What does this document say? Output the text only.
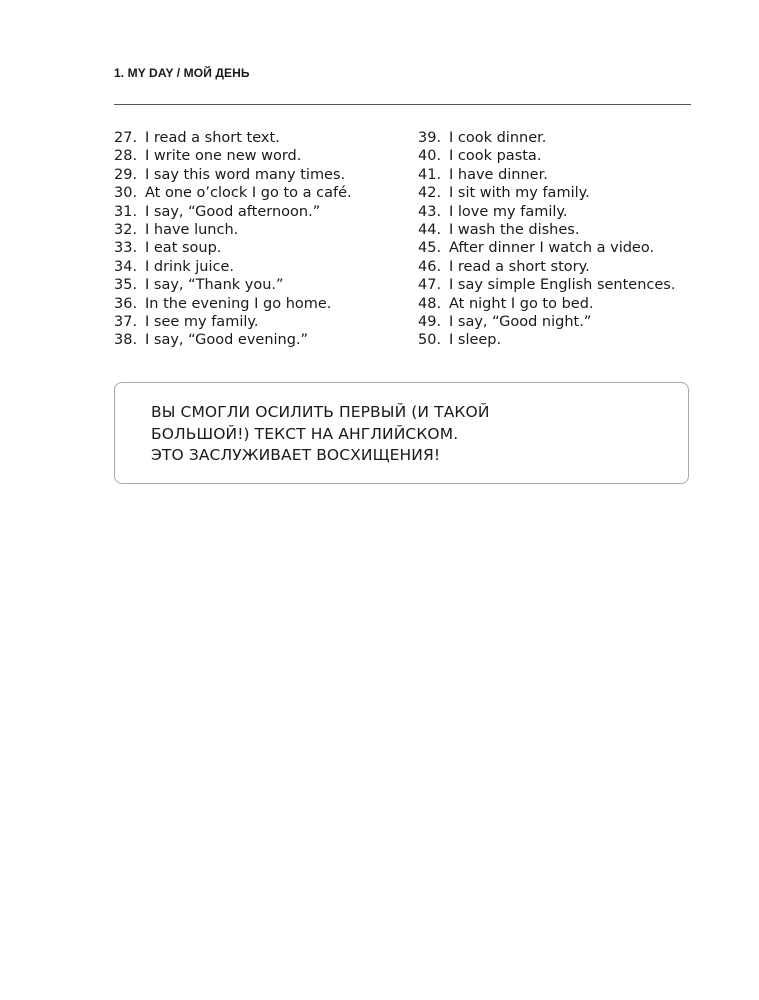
1. MY DAY / МОЙ ДЕНЬ
27. I read a short text.
28. I write one new word.
29. I say this word many times.
30. At one o’clock I go to a café.
31. I say, “Good afternoon.”
32. I have lunch.
33. I eat soup.
34. I drink juice.
35. I say, “Thank you.”
36. In the evening I go home.
37. I see my family.
38. I say, “Good evening.”
39. I cook dinner.
40. I cook pasta.
41. I have dinner.
42. I sit with my family.
43. I love my family.
44. I wash the dishes.
45. After dinner I watch a video.
46. I read a short story.
47. I say simple English sentences.
48. At night I go to bed.
49. I say, “Good night.”
50. I sleep.
ВЫ СМОГЛИ ОСИЛИТЬ ПЕРВЫЙ (И ТАКОЙ
БОЛЬШОЙ!) ТЕКСТ НА АНГЛИЙСКОМ.
ЭТО ЗАСЛУЖИВАЕТ ВОСХИЩЕНИЯ!
